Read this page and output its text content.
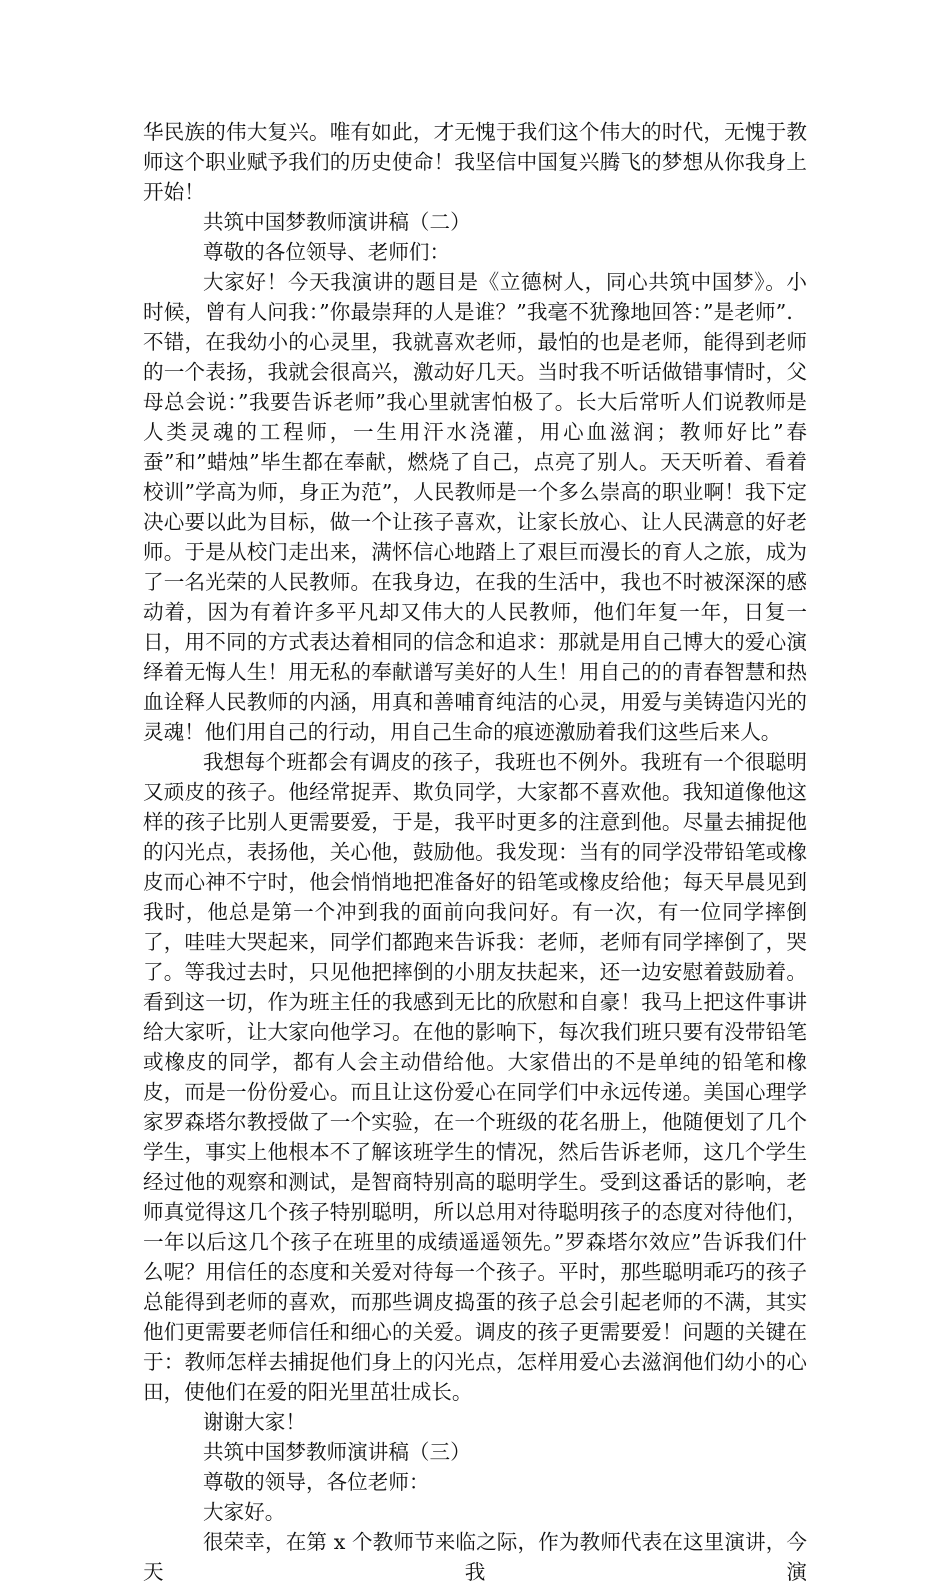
华民族的伟大复兴。唯有如此，才无愧于我们这个伟大的时代，无愧于教师这个职业赋予我们的历史使命！我坚信中国复兴腾飞的梦想从你我身上开始！

共筑中国梦教师演讲稿（二）

尊敬的各位领导、老师们：

大家好！今天我演讲的题目是《立德树人，同心共筑中国梦》。小时候，曾有人问我：”你最崇拜的人是谁？”我毫不犹豫地回答：”是老师”．不错，在我幼小的心灵里，我就喜欢老师，最怕的也是老师，能得到老师的一个表扬，我就会很高兴，激动好几天。当时我不听话做错事情时，父母总会说：”我要告诉老师”我心里就害怕极了。长大后常听人们说教师是人类灵魂的工程师，一生用汗水浇灌，用心血滋润；教师好比”春蚕”和”蜡烛”毕生都在奉献，燃烧了自己，点亮了别人。天天听着、看着校训”学高为师，身正为范”，人民教师是一个多么崇高的职业啊！我下定决心要以此为目标，做一个让孩子喜欢，让家长放心、让人民满意的好老师。于是从校门走出来，满怀信心地踏上了艰巨而漫长的育人之旅，成为了一名光荣的人民教师。在我身边，在我的生活中，我也不时被深深的感动着，因为有着许多平凡却又伟大的人民教师，他们年复一年，日复一日，用不同的方式表达着相同的信念和追求：那就是用自己博大的爱心演绎着无悔人生！用无私的奉献谱写美好的人生！用自己的的青春智慧和热血诠释人民教师的内涵，用真和善哺育纯洁的心灵，用爱与美铸造闪光的灵魂！他们用自己的行动，用自己生命的痕迹激励着我们这些后来人。

我想每个班都会有调皮的孩子，我班也不例外。我班有一个很聪明又顽皮的孩子。他经常捉弄、欺负同学，大家都不喜欢他。我知道像他这样的孩子比别人更需要爱，于是，我平时更多的注意到他。尽量去捕捉他的闪光点，表扬他，关心他，鼓励他。我发现：当有的同学没带铅笔或橡皮而心神不宁时，他会悄悄地把准备好的铅笔或橡皮给他；每天早晨见到我时，他总是第一个冲到我的面前向我问好。有一次，有一位同学摔倒了，哇哇大哭起来，同学们都跑来告诉我：老师，老师有同学摔倒了，哭了。等我过去时，只见他把摔倒的小朋友扶起来，还一边安慰着鼓励着。看到这一切，作为班主任的我感到无比的欣慰和自豪！我马上把这件事讲给大家听，让大家向他学习。在他的影响下，每次我们班只要有没带铅笔或橡皮的同学，都有人会主动借给他。大家借出的不是单纯的铅笔和橡皮，而是一份份爱心。而且让这份爱心在同学们中永远传递。美国心理学家罗森塔尔教授做了一个实验，在一个班级的花名册上，他随便划了几个学生，事实上他根本不了解该班学生的情况，然后告诉老师，这几个学生经过他的观察和测试，是智商特别高的聪明学生。受到这番话的影响，老师真觉得这几个孩子特别聪明，所以总用对待聪明孩子的态度对待他们，一年以后这几个孩子在班里的成绩遥遥领先。”罗森塔尔效应”告诉我们什么呢？用信任的态度和关爱对待每一个孩子。平时，那些聪明乖巧的孩子总能得到老师的喜欢，而那些调皮捣蛋的孩子总会引起老师的不满，其实他们更需要老师信任和细心的关爱。调皮的孩子更需要爱！问题的关键在于：教师怎样去捕捉他们身上的闪光点，怎样用爱心去滋润他们幼小的心田，使他们在爱的阳光里茁壮成长。

谢谢大家！

共筑中国梦教师演讲稿（三）

尊敬的领导，各位老师：

大家好。

很荣幸，在第 x 个教师节来临之际，作为教师代表在这里演讲，今天我演
